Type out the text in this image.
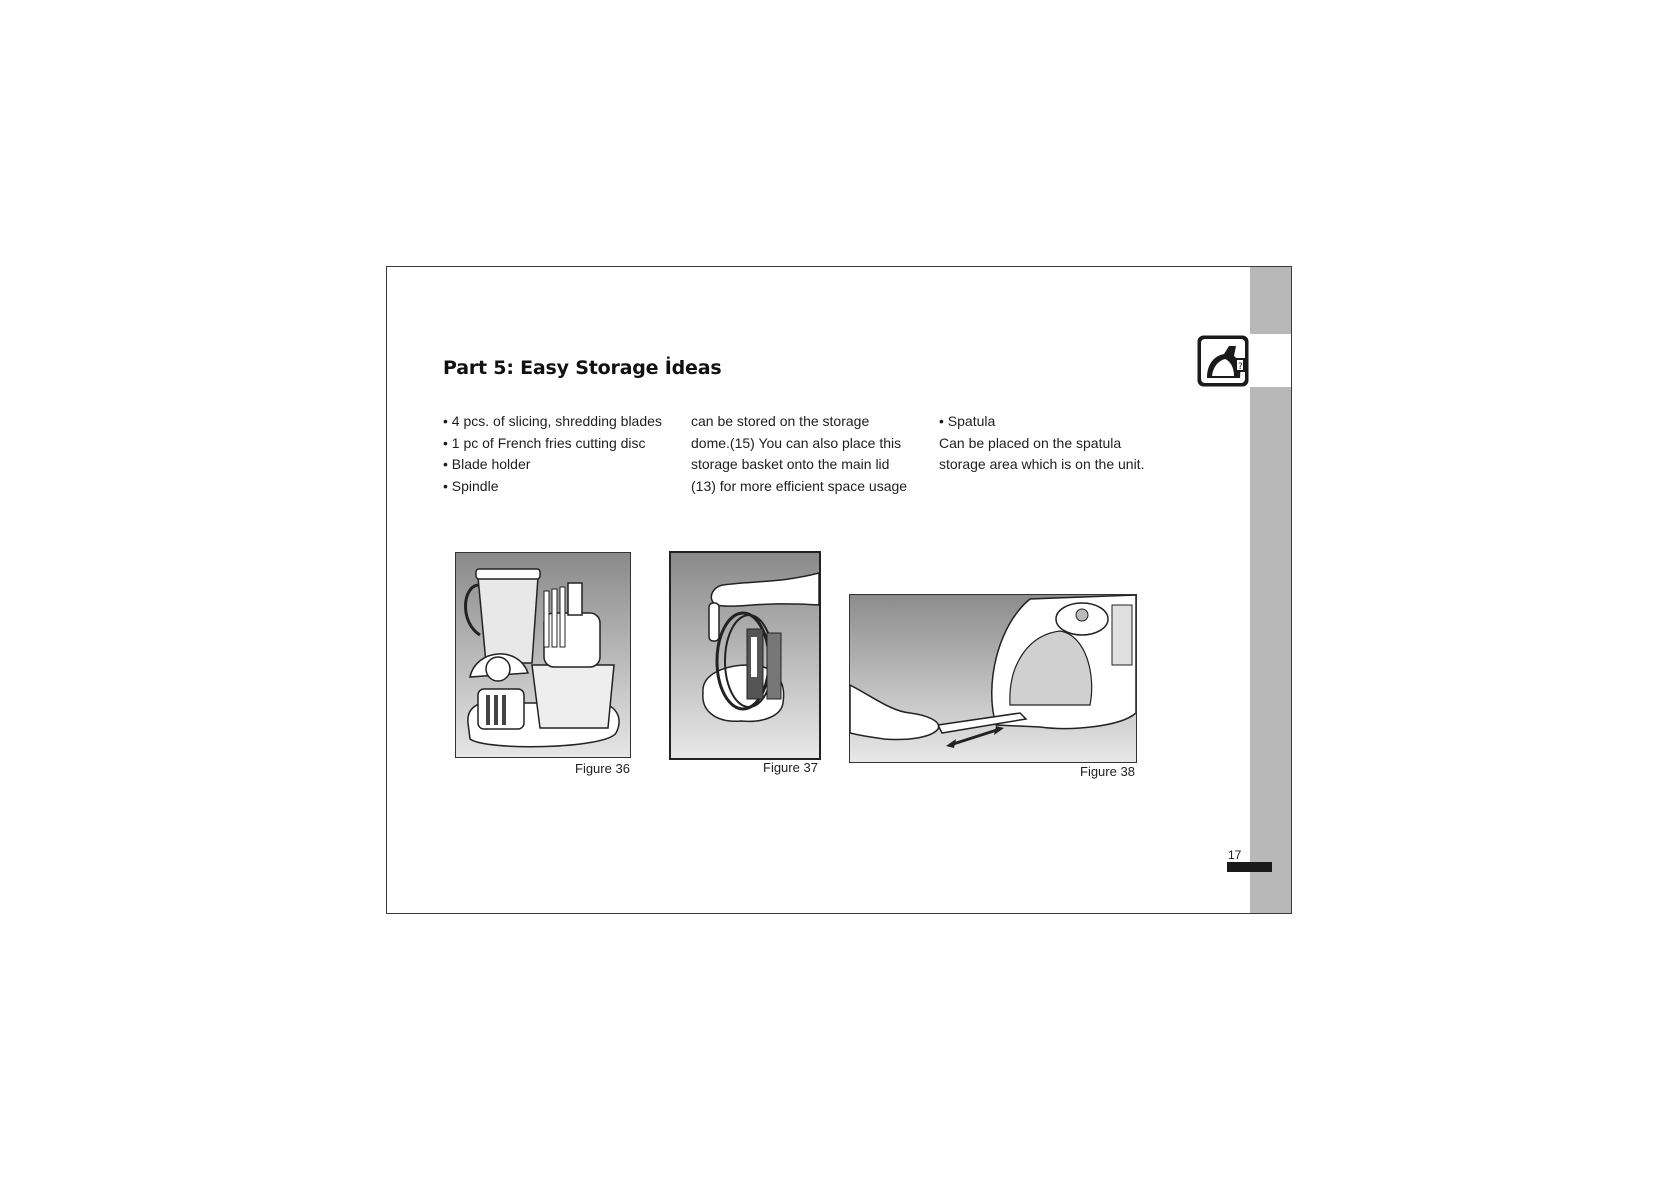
?
Part 5: Easy Storage İdeas
• 4 pcs. of slicing, shredding blades
• 1 pc of French fries cutting disc
• Blade holder
• Spindle
can be stored on the storage
dome.(15) You can also place this
storage basket onto the main lid
(13) for more efficient space usage
• Spatula
Can be placed on the spatula
storage area which is on the unit.
Figure 36	Figure 37	Figure 38
17
